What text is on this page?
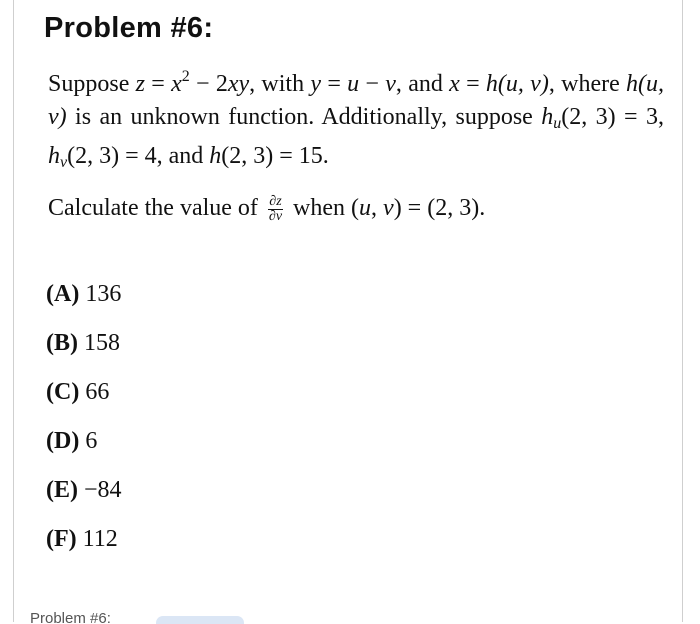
Problem #6:
Suppose $z = x^2 - 2xy$, with y = u − v, and x = h(u, v), where h(u, v) is an unknown function. Additionally, suppose $h_u(2$, 3) = 3, $h_v(2$, 3) = 4, and h(2, 3) = 15.
Calculate the value of $\frac{\partial z}{\partial v}$ when (u, v) = (2, 3).
(A) 136
(B) 158
(C) 66
(D) 6
(E) −84
(F) 112
Problem #6:
